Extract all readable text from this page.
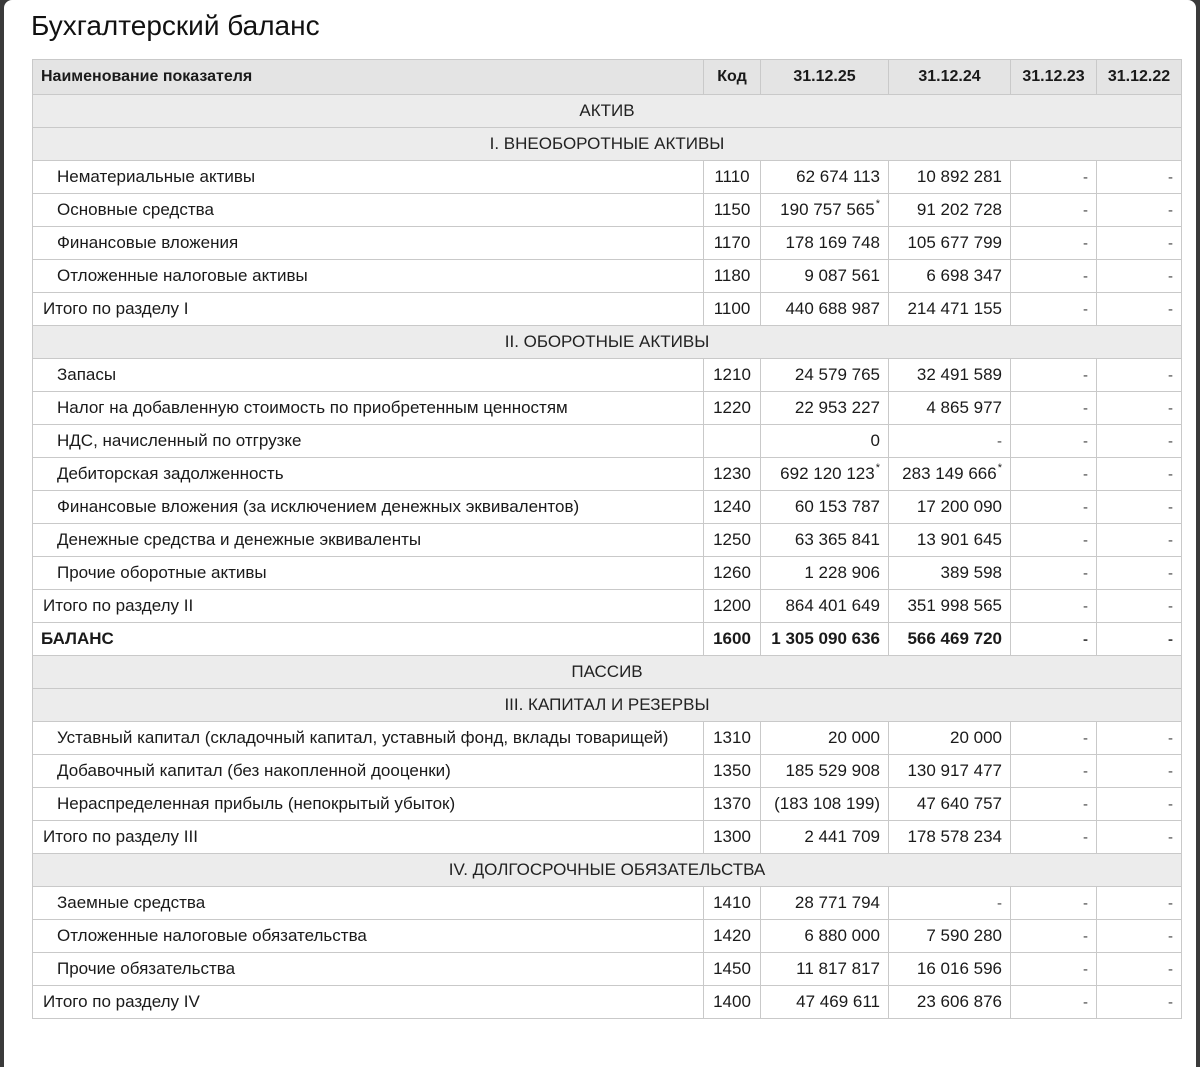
Бухгалтерский баланс
Наименование показателя	Код	31.12.25	31.12.24	31.12.23	31.12.22
АКТИВ					
I. ВНЕОБОРОТНЫЕ АКТИВЫ					
Нематериальные активы	1110	62 674 113	10 892 281	-	-
Основные средства	1150	190 757 565*	91 202 728	-	-
Финансовые вложения	1170	178 169 748	105 677 799	-	-
Отложенные налоговые активы	1180	9 087 561	6 698 347	-	-
Итого по разделу I	1100	440 688 987	214 471 155	-	-
II. ОБОРОТНЫЕ АКТИВЫ					
Запасы	1210	24 579 765	32 491 589	-	-
Налог на добавленную стоимость по приобретенным ценностям	1220	22 953 227	4 865 977	-	-
НДС, начисленный по отгрузке		0	-	-	-
Дебиторская задолженность	1230	692 120 123*	283 149 666*	-	-
Финансовые вложения (за исключением денежных эквивалентов)	1240	60 153 787	17 200 090	-	-
Денежные средства и денежные эквиваленты	1250	63 365 841	13 901 645	-	-
Прочие оборотные активы	1260	1 228 906	389 598	-	-
Итого по разделу II	1200	864 401 649	351 998 565	-	-
БАЛАНС	1600	1 305 090 636	566 469 720	-	-
ПАССИВ					
III. КАПИТАЛ И РЕЗЕРВЫ					
Уставный капитал (складочный капитал, уставный фонд, вклады товарищей)	1310	20 000	20 000	-	-
Добавочный капитал (без накопленной дооценки)	1350	185 529 908	130 917 477	-	-
Нераспределенная прибыль (непокрытый убыток)	1370	(183 108 199)	47 640 757	-	-
Итого по разделу III	1300	2 441 709	178 578 234	-	-
IV. ДОЛГОСРОЧНЫЕ ОБЯЗАТЕЛЬСТВА					
Заемные средства	1410	28 771 794	-	-	-
Отложенные налоговые обязательства	1420	6 880 000	7 590 280	-	-
Прочие обязательства	1450	11 817 817	16 016 596	-	-
Итого по разделу IV	1400	47 469 611	23 606 876	-	-
